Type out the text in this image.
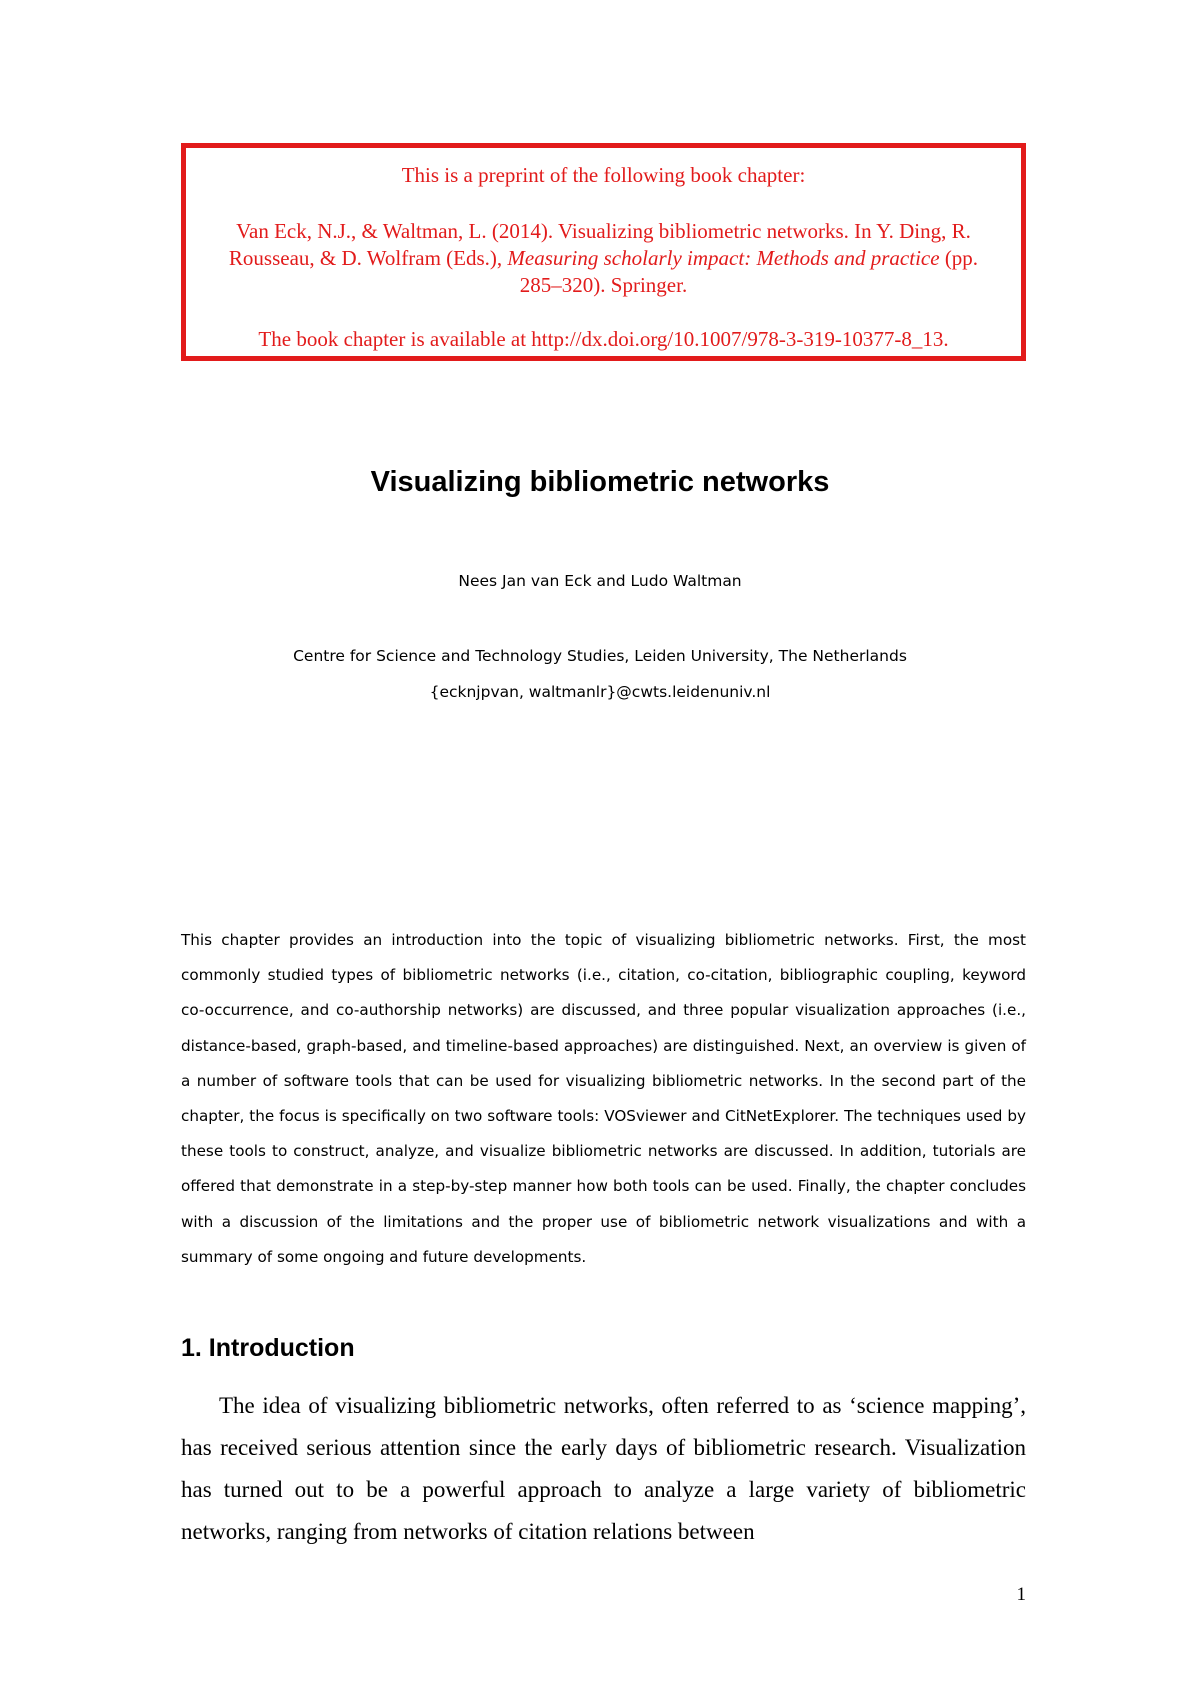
This is a preprint of the following book chapter:
Van Eck, N.J., & Waltman, L. (2014). Visualizing bibliometric networks. In Y. Ding, R. Rousseau, & D. Wolfram (Eds.), Measuring scholarly impact: Methods and practice (pp. 285–320). Springer.
The book chapter is available at http://dx.doi.org/10.1007/978-3-319-10377-8_13.
Visualizing bibliometric networks
Nees Jan van Eck and Ludo Waltman
Centre for Science and Technology Studies, Leiden University, The Netherlands
{ecknjpvan, waltmanlr}@cwts.leidenuniv.nl

This chapter provides an introduction into the topic of visualizing bibliometric networks. First, the most commonly studied types of bibliometric networks (i.e., citation, co-citation, bibliographic coupling, keyword co-occurrence, and co-authorship networks) are discussed, and three popular visualization approaches (i.e., distance-based, graph-based, and timeline-based approaches) are distinguished. Next, an overview is given of a number of software tools that can be used for visualizing bibliometric networks. In the second part of the chapter, the focus is specifically on two software tools: VOSviewer and CitNetExplorer. The techniques used by these tools to construct, analyze, and visualize bibliometric networks are discussed. In addition, tutorials are offered that demonstrate in a step-by-step manner how both tools can be used. Finally, the chapter concludes with a discussion of the limitations and the proper use of bibliometric network visualizations and with a summary of some ongoing and future developments.

1. Introduction

The idea of visualizing bibliometric networks, often referred to as ‘science mapping’, has received serious attention since the early days of bibliometric research. Visualization has turned out to be a powerful approach to analyze a large variety of bibliometric networks, ranging from networks of citation relations between

1
